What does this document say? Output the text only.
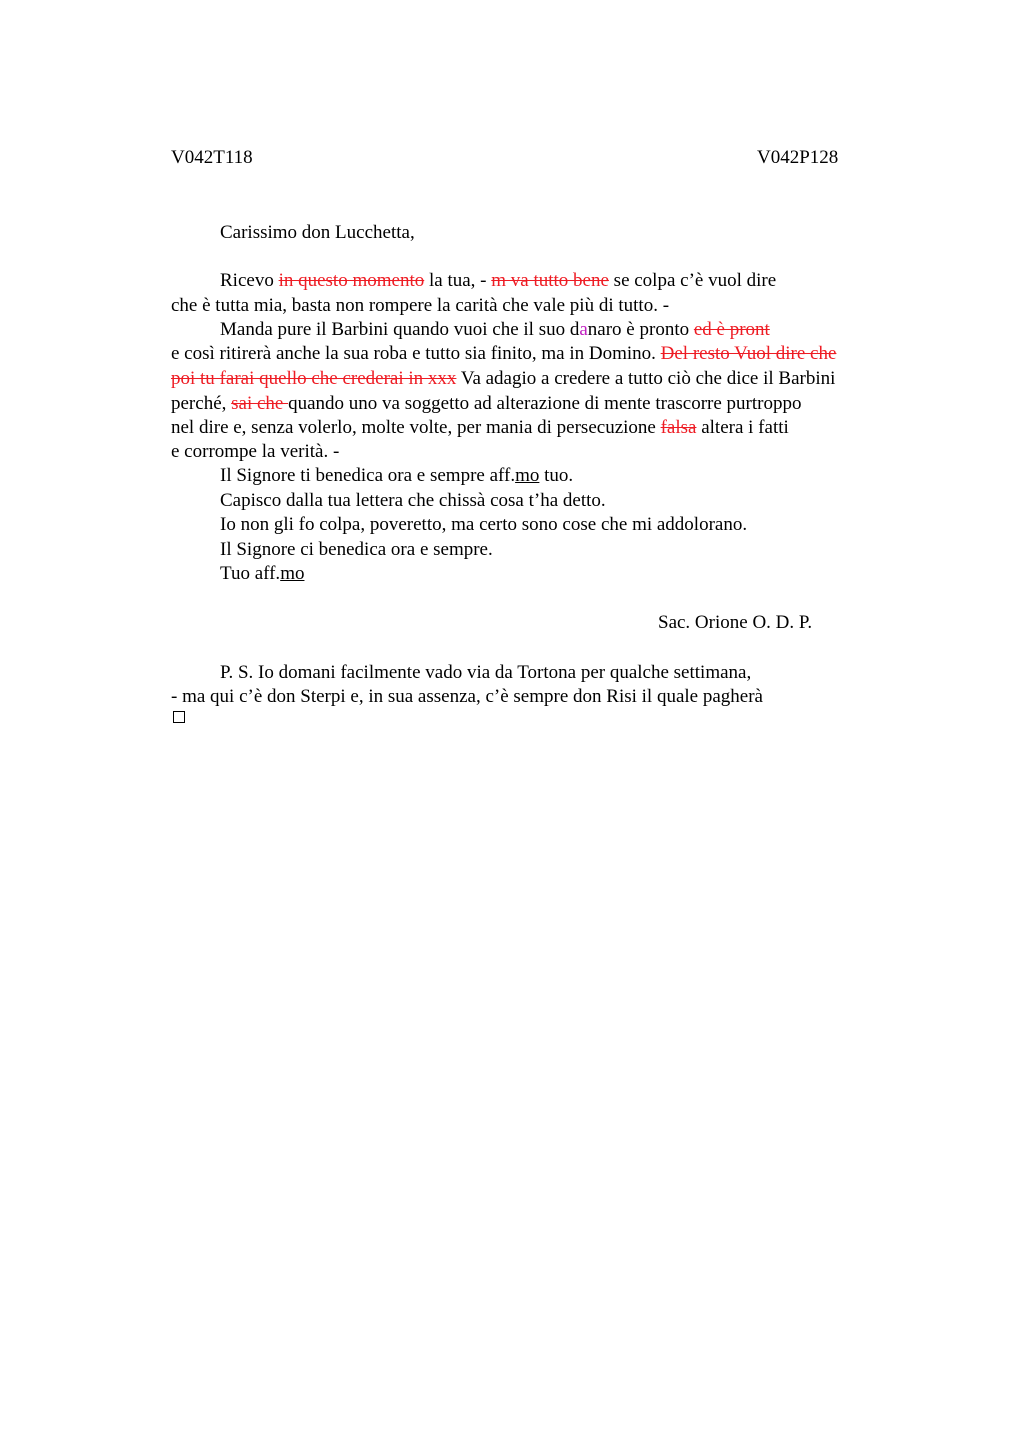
V042T118	V042P128
Carissimo don Lucchetta,
Ricevo in questo momento la tua, - m va tutto bene se colpa c’è vuol dire
che è tutta mia, basta non rompere la carità che vale più di tutto. -
Manda pure il Barbini quando vuoi che il suo danaro è pronto ed è pront
e così ritirerà anche la sua roba e tutto sia finito, ma in Domino. Del resto Vuol dire che
poi tu farai quello che crederai in xxx Va adagio a credere a tutto ciò che dice il Barbini
perché, sai che quando uno va soggetto ad alterazione di mente trascorre purtroppo
nel dire e, senza volerlo, molte volte, per mania di persecuzione falsa altera i fatti
e corrompe la verità. -
Il Signore ti benedica ora e sempre aff.mo tuo.
Capisco dalla tua lettera che chissà cosa t’ha detto.
Io non gli fo colpa, poveretto, ma certo sono cose che mi addolorano.
Il Signore ci benedica ora e sempre.
Tuo aff.mo
Sac. Orione O. D. P.
P. S. Io domani facilmente vado via da Tortona per qualche settimana,
- ma qui c’è don Sterpi e, in sua assenza, c’è sempre don Risi il quale pagherà
